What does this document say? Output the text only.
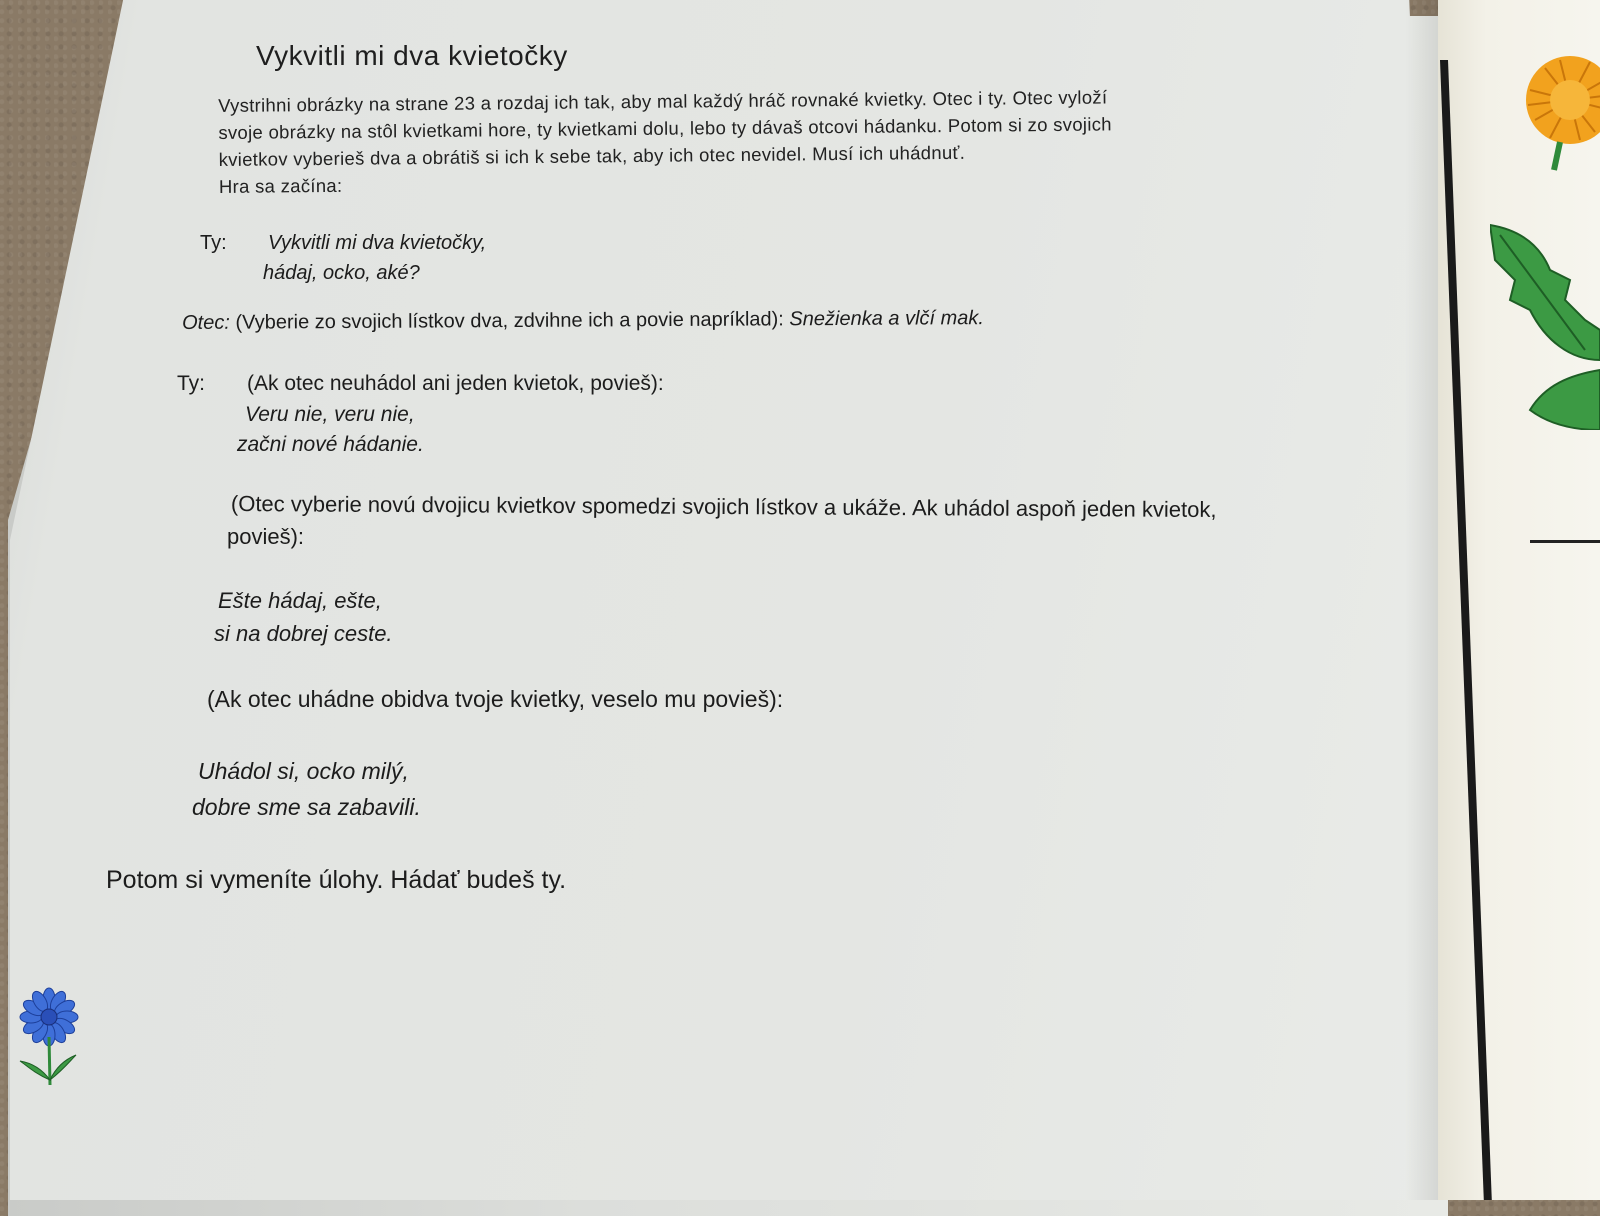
Vykvitli mi dva kvietočky
Vystrihni obrázky na strane 23 a rozdaj ich tak, aby mal každý hráč rovnaké kvietky. Otec i ty. Otec vyloží
svoje obrázky na stôl kvietkami hore, ty kvietkami dolu, lebo ty dávaš otcovi hádanku. Potom si zo svojich
kvietkov vyberieš dva a obrátiš si ich k sebe tak, aby ich otec nevidel. Musí ich uhádnuť.
Hra sa začína:
Ty: Vykvitli mi dva kvietočky,
hádaj, ocko, aké?
Otec: (Vyberie zo svojich lístkov dva, zdvihne ich a povie napríklad): Snežienka a vlčí mak.
Ty: (Ak otec neuhádol ani jeden kvietok, povieš):
Veru nie, veru nie,
začni nové hádanie.
(Otec vyberie novú dvojicu kvietkov spomedzi svojich lístkov a ukáže. Ak uhádol aspoň jeden kvietok,
povieš):
Ešte hádaj, ešte,
si na dobrej ceste.
(Ak otec uhádne obidva tvoje kvietky, veselo mu povieš):
Uhádol si, ocko milý,
dobre sme sa zabavili.
Potom si vymeníte úlohy. Hádať budeš ty.
